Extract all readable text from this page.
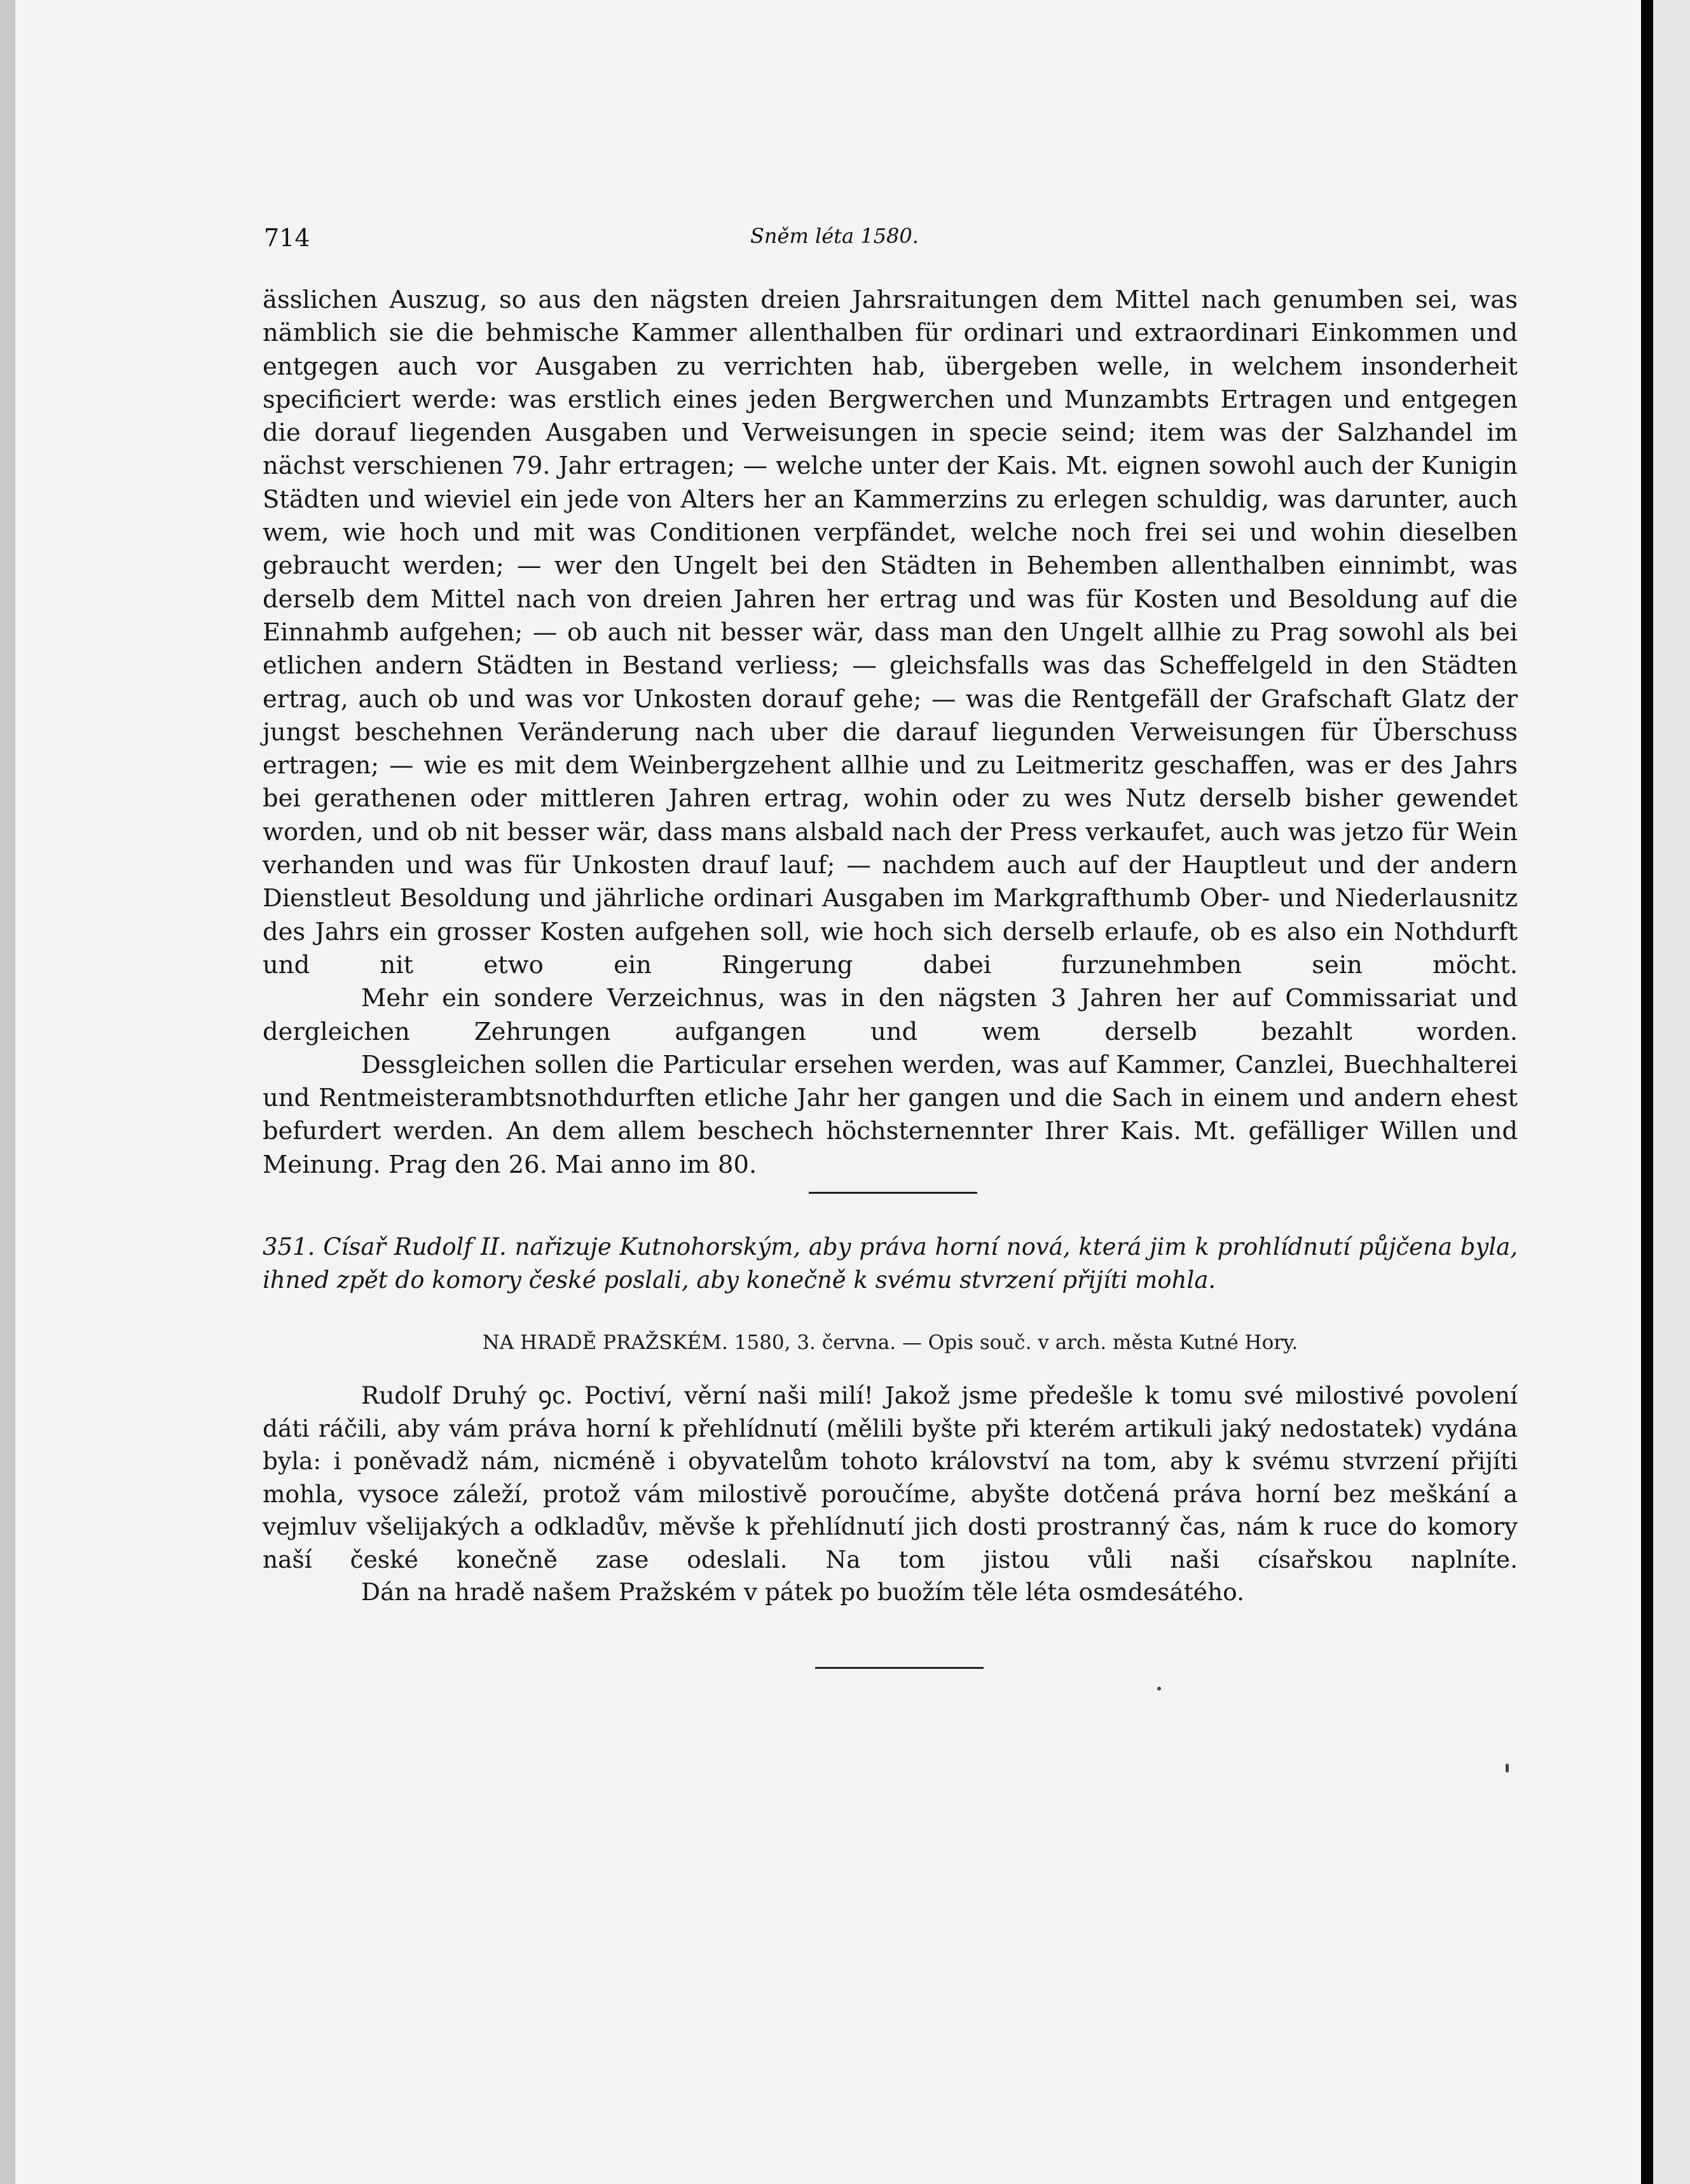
714	Sněm léta 1580.

ässlichen Auszug, so aus den nägsten dreien Jahrsraitungen dem Mittel nach genumben sei, was nämblich sie die behmische Kammer allenthalben für ordinari und extraordinari Einkommen und entgegen auch vor Ausgaben zu verrichten hab, übergeben welle, in welchem insonderheit specificiert werde: was erstlich eines jeden Bergwerchen und Munzambts Ertragen und entgegen die dorauf liegenden Ausgaben und Verweisungen in specie seind; item was der Salzhandel im nächst verschienen 79. Jahr ertragen; — welche unter der Kais. Mt. eignen sowohl auch der Kunigin Städten und wieviel ein jede von Alters her an Kammerzins zu erlegen schuldig, was darunter, auch wem, wie hoch und mit was Conditionen verpfändet, welche noch frei sei und wohin dieselben gebraucht werden; — wer den Ungelt bei den Städten in Behemben allenthalben einnimbt, was derselb dem Mittel nach von dreien Jahren her ertrag und was für Kosten und Besoldung auf die Einnahmb aufgehen; — ob auch nit besser wär, dass man den Ungelt allhie zu Prag sowohl als bei etlichen andern Städten in Bestand verliess; — gleichsfalls was das Scheffelgeld in den Städten ertrag, auch ob und was vor Unkosten dorauf gehe; — was die Rentgefäll der Grafschaft Glatz der jungst beschehnen Veränderung nach uber die darauf liegunden Verweisungen für Überschuss ertragen; — wie es mit dem Weinbergzehent allhie und zu Leitmeritz geschaffen, was er des Jahrs bei gerathenen oder mittleren Jahren ertrag, wohin oder zu wes Nutz derselb bisher gewendet worden, und ob nit besser wär, dass mans alsbald nach der Press verkaufet, auch was jetzo für Wein verhanden und was für Unkosten drauf lauf; — nachdem auch auf der Hauptleut und der andern Dienstleut Besoldung und jährliche ordinari Ausgaben im Markgrafthumb Ober- und Niederlausnitz des Jahrs ein grosser Kosten aufgehen soll, wie hoch sich derselb erlaufe, ob es also ein Nothdurft und nit etwo ein Ringerung dabei furzunehmben sein möcht.

Mehr ein sondere Verzeichnus, was in den nägsten 3 Jahren her auf Commissariat und dergleichen Zehrungen aufgangen und wem derselb bezahlt worden.

Dessgleichen sollen die Particular ersehen werden, was auf Kammer, Canzlei, Buechhalterei und Rentmeisterambtsnothdurften etliche Jahr her gangen und die Sach in einem und andern ehest befurdert werden. An dem allem beschech höchsternennter Ihrer Kais. Mt. gefälliger Willen und Meinung. Prag den 26. Mai anno im 80.

351. Císař Rudolf II. nařizuje Kutnohorským, aby práva horní nová, která jim k prohlídnutí půjčena byla, ihned zpět do komory české poslali, aby konečně k svému stvrzení přijíti mohla.
NA HRADĚ PRAŽSKÉM. 1580, 3. června. — Opis souč. v arch. města Kutné Hory.

Rudolf Druhý ꝯc. Poctiví, věrní naši milí! Jakož jsme předešle k tomu své milostivé povolení dáti ráčili, aby vám práva horní k přehlídnutí (mělili byšte při kterém artikuli jaký nedostatek) vydána byla: i poněvadž nám, nicméně i obyvatelům tohoto království na tom, aby k svému stvrzení přijíti mohla, vysoce záleží, protož vám milostivě poroučíme, abyšte dotčená práva horní bez meškání a vejmluv všelijakých a odkladův, měvše k přehlídnutí jich dosti prostranný čas, nám k ruce do komory naší české konečně zase odeslali. Na tom jistou vůli naši císařskou naplníte.

Dán na hradě našem Pražském v pátek po buožím těle léta osmdesátého.
